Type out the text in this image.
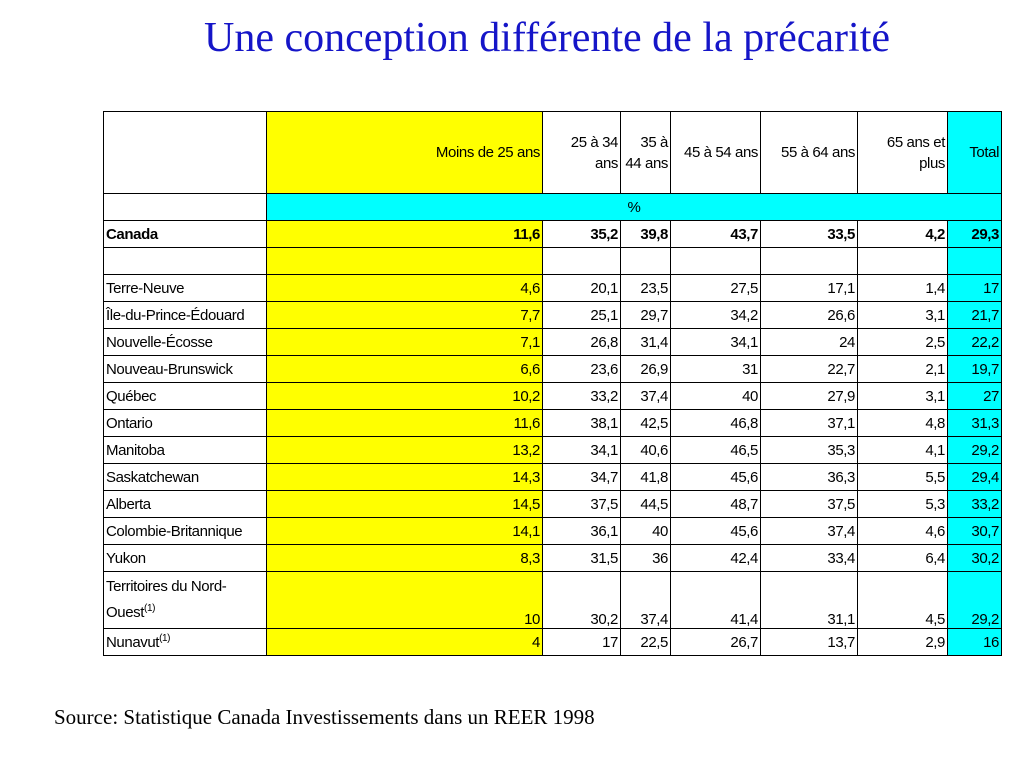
Une conception différente de la précarité
	Moins de 25 ans	25 à 34 ans	35 à 44 ans	45 à 54 ans	55 à 64 ans	65 ans et plus	Total
	%						
Canada	11,6	35,2	39,8	43,7	33,5	4,2	29,3

Terre-Neuve	4,6	20,1	23,5	27,5	17,1	1,4	17
Île-du-Prince-Édouard	7,7	25,1	29,7	34,2	26,6	3,1	21,7
Nouvelle-Écosse	7,1	26,8	31,4	34,1	24	2,5	22,2
Nouveau-Brunswick	6,6	23,6	26,9	31	22,7	2,1	19,7
Québec	10,2	33,2	37,4	40	27,9	3,1	27
Ontario	11,6	38,1	42,5	46,8	37,1	4,8	31,3
Manitoba	13,2	34,1	40,6	46,5	35,3	4,1	29,2
Saskatchewan	14,3	34,7	41,8	45,6	36,3	5,5	29,4
Alberta	14,5	37,5	44,5	48,7	37,5	5,3	33,2
Colombie-Britannique	14,1	36,1	40	45,6	37,4	4,6	30,7
Yukon	8,3	31,5	36	42,4	33,4	6,4	30,2
Territoires du Nord-Ouest$^{(1)}$	10	30,2	37,4	41,4	31,1	4,5	29,2
Nunavut$^{(1)}$	4	17	22,5	26,7	13,7	2,9	16
Source: Statistique Canada Investissements dans un REER 1998
